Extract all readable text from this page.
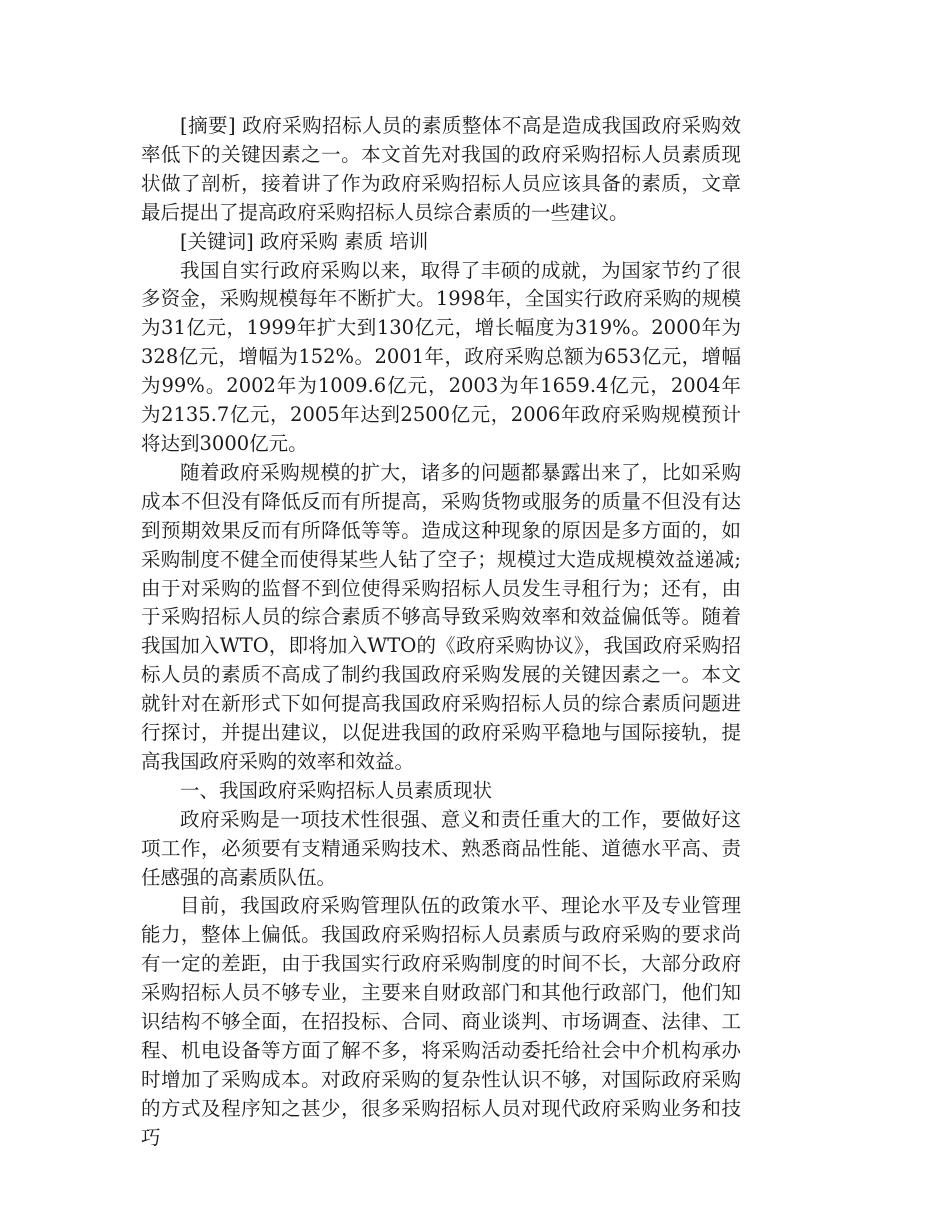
[摘要] 政府采购招标人员的素质整体不高是造成我国政府采购效率低下的关键因素之一。本文首先对我国的政府采购招标人员素质现状做了剖析，接着讲了作为政府采购招标人员应该具备的素质，文章最后提出了提高政府采购招标人员综合素质的一些建议。

[关键词] 政府采购 素质 培训

我国自实行政府采购以来，取得了丰硕的成就，为国家节约了很多资金，采购规模每年不断扩大。1998年，全国实行政府采购的规模为31亿元，1999年扩大到130亿元，增长幅度为319%。2000年为328亿元，增幅为152%。2001年，政府采购总额为653亿元，增幅为99%。2002年为1009.6亿元，2003为年1659.4亿元，2004年为2135.7亿元，2005年达到2500亿元，2006年政府采购规模预计将达到3000亿元。

随着政府采购规模的扩大，诸多的问题都暴露出来了，比如采购成本不但没有降低反而有所提高，采购货物或服务的质量不但没有达到预期效果反而有所降低等等。造成这种现象的原因是多方面的，如采购制度不健全而使得某些人钻了空子；规模过大造成规模效益递减;由于对采购的监督不到位使得采购招标人员发生寻租行为；还有，由于采购招标人员的综合素质不够高导致采购效率和效益偏低等。随着我国加入WTO，即将加入WTO的《政府采购协议》，我国政府采购招标人员的素质不高成了制约我国政府采购发展的关键因素之一。本文就针对在新形式下如何提高我国政府采购招标人员的综合素质问题进行探讨，并提出建议，以促进我国的政府采购平稳地与国际接轨，提高我国政府采购的效率和效益。

一、我国政府采购招标人员素质现状

政府采购是一项技术性很强、意义和责任重大的工作，要做好这项工作，必须要有支精通采购技术、熟悉商品性能、道德水平高、责任感强的高素质队伍。

目前，我国政府采购管理队伍的政策水平、理论水平及专业管理能力，整体上偏低。我国政府采购招标人员素质与政府采购的要求尚有一定的差距，由于我国实行政府采购制度的时间不长，大部分政府采购招标人员不够专业，主要来自财政部门和其他行政部门，他们知识结构不够全面，在招投标、合同、商业谈判、市场调查、法律、工程、机电设备等方面了解不多，将采购活动委托给社会中介机构承办时增加了采购成本。对政府采购的复杂性认识不够，对国际政府采购的方式及程序知之甚少，很多采购招标人员对现代政府采购业务和技巧
